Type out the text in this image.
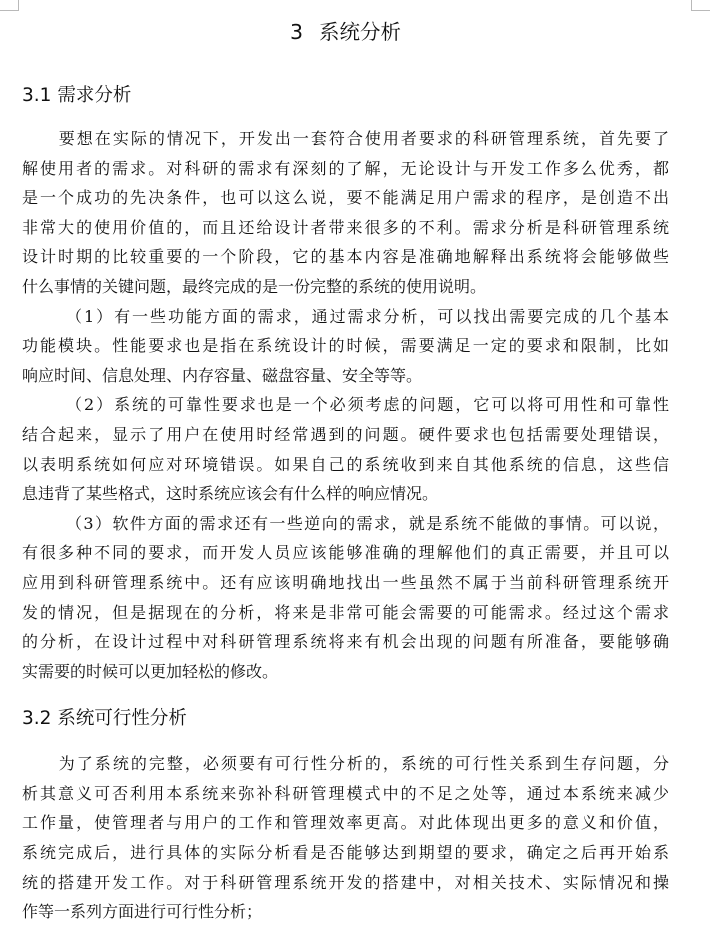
3 系统分析
3.1 需求分析
要想在实际的情况下，开发出一套符合使用者要求的科研管理系统，首先要了
解使用者的需求。对科研的需求有深刻的了解，无论设计与开发工作多么优秀，都
是一个成功的先决条件，也可以这么说，要不能满足用户需求的程序，是创造不出
非常大的使用价值的，而且还给设计者带来很多的不利。需求分析是科研管理系统
设计时期的比较重要的一个阶段，它的基本内容是准确地解释出系统将会能够做些
什么事情的关键问题，最终完成的是一份完整的系统的使用说明。
（1）有一些功能方面的需求，通过需求分析，可以找出需要完成的几个基本
功能模块。性能要求也是指在系统设计的时候，需要满足一定的要求和限制，比如
响应时间、信息处理、内存容量、磁盘容量、安全等等。
（2）系统的可靠性要求也是一个必须考虑的问题，它可以将可用性和可靠性
结合起来，显示了用户在使用时经常遇到的问题。硬件要求也包括需要处理错误，
以表明系统如何应对环境错误。如果自己的系统收到来自其他系统的信息，这些信
息违背了某些格式，这时系统应该会有什么样的响应情况。
（3）软件方面的需求还有一些逆向的需求，就是系统不能做的事情。可以说，
有很多种不同的要求，而开发人员应该能够准确的理解他们的真正需要，并且可以
应用到科研管理系统中。还有应该明确地找出一些虽然不属于当前科研管理系统开
发的情况，但是据现在的分析，将来是非常可能会需要的可能需求。经过这个需求
的分析，在设计过程中对科研管理系统将来有机会出现的问题有所准备，要能够确
实需要的时候可以更加轻松的修改。
3.2 系统可行性分析
为了系统的完整，必须要有可行性分析的，系统的可行性关系到生存问题，分
析其意义可否利用本系统来弥补科研管理模式中的不足之处等，通过本系统来减少
工作量，使管理者与用户的工作和管理效率更高。对此体现出更多的意义和价值，
系统完成后，进行具体的实际分析看是否能够达到期望的要求，确定之后再开始系
统的搭建开发工作。对于科研管理系统开发的搭建中，对相关技术、实际情况和操
作等一系列方面进行可行性分析；
